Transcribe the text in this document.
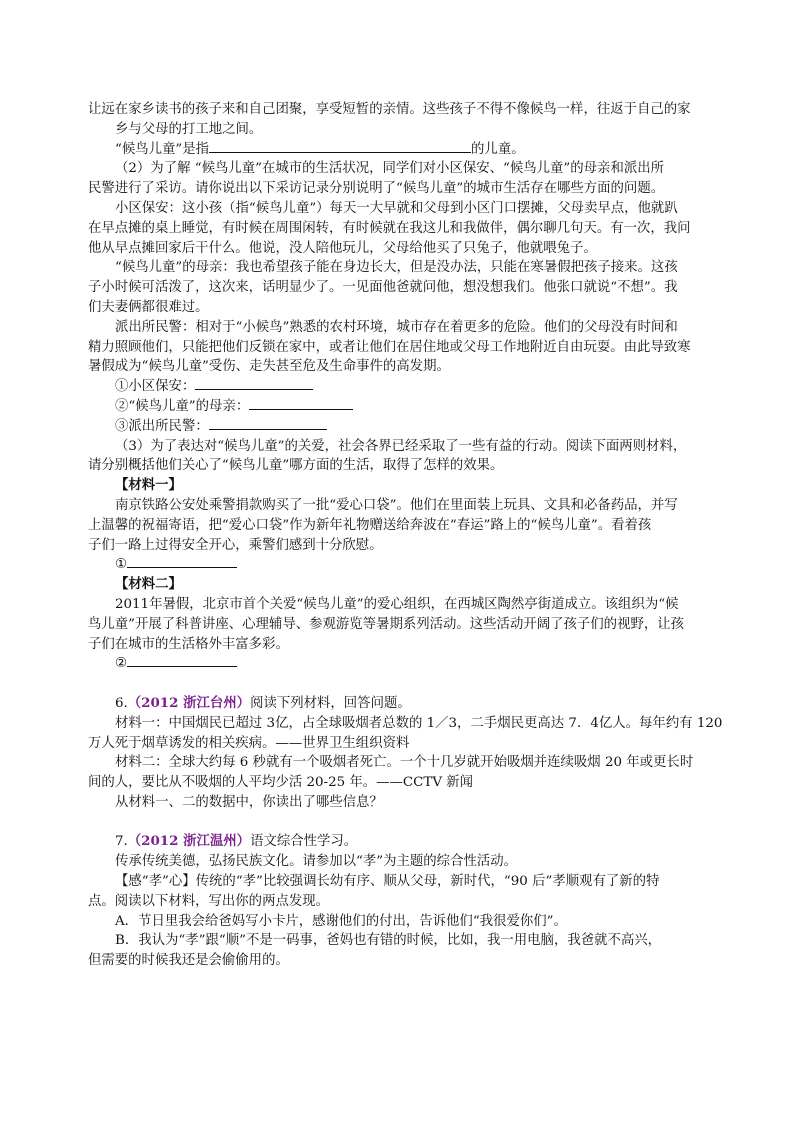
让远在家乡读书的孩子来和自己团聚，享受短暂的亲情。这些孩子不得不像候鸟一样，往返于自己的家
乡与父母的打工地之间。
“候鸟儿童”是指	的儿童。
（2）为了解 “候鸟儿童”在城市的生活状况，同学们对小区保安、“候鸟儿童”的母亲和派出所
民警进行了采访。请你说出以下采访记录分别说明了“候鸟儿童”的城市生活存在哪些方面的问题。
小区保安：这小孩（指“候鸟儿童”）每天一大早就和父母到小区门口摆摊，父母卖早点，他就趴
在早点摊的桌上睡觉，有时候在周围闲转，有时候就在我这儿和我做伴，偶尔聊几句天。有一次，我问
他从早点摊回家后干什么。他说，没人陪他玩儿，父母给他买了只兔子，他就喂兔子。
“候鸟儿童”的母亲：我也希望孩子能在身边长大，但是没办法，只能在寒暑假把孩子接来。这孩
子小时候可活泼了，这次来，话明显少了。一见面他爸就问他，想没想我们。他张口就说“不想”。我
们夫妻俩都很难过。
派出所民警：相对于“小候鸟”熟悉的农村环境，城市存在着更多的危险。他们的父母没有时间和
精力照顾他们，只能把他们反锁在家中，或者让他们在居住地或父母工作地附近自由玩耍。由此导致寒
暑假成为“候鸟儿童”受伤、走失甚至危及生命事件的高发期。
①小区保安：
②“候鸟儿童”的母亲：
③派出所民警：
（3）为了表达对“候鸟儿童”的关爱，社会各界已经采取了一些有益的行动。阅读下面两则材料，
请分别概括他们关心了“候鸟儿童”哪方面的生活，取得了怎样的效果。
【材料一】
南京铁路公安处乘警捐款购买了一批“爱心口袋”。他们在里面装上玩具、文具和必备药品，并写
上温馨的祝福寄语，把“爱心口袋”作为新年礼物赠送给奔波在“春运”路上的“候鸟儿童”。看着孩
子们一路上过得安全开心，乘警们感到十分欣慰。
①
【材料二】
2011年暑假，北京市首个关爱“候鸟儿童”的爱心组织，在西城区陶然亭街道成立。该组织为“候
鸟儿童”开展了科普讲座、心理辅导、参观游览等暑期系列活动。这些活动开阔了孩子们的视野，让孩
子们在城市的生活格外丰富多彩。
②
6.（2012 浙江台州）阅读下列材料，回答问题。
材料一：中国烟民已超过 3亿，占全球吸烟者总数的 1／3，二手烟民更高达 7．4亿人。每年约有 120
万人死于烟草诱发的相关疾病。——世界卫生组织资料
材料二：全球大约每 6 秒就有一个吸烟者死亡。一个十几岁就开始吸烟并连续吸烟 20 年或更长时
间的人，要比从不吸烟的人平均少活 20-25 年。——CCTV 新闻
从材料一、二的数据中，你读出了哪些信息？
7.（2012 浙江温州）语文综合性学习。
传承传统美德，弘扬民族文化。请参加以“孝”为主题的综合性活动。
【感“孝”心】传统的“孝”比较强调长幼有序、顺从父母，新时代，“90 后”孝顺观有了新的特
点。阅读以下材料，写出你的两点发现。
A．节日里我会给爸妈写小卡片，感谢他们的付出，告诉他们“我很爱你们”。
B．我认为“孝”跟“顺”不是一码事，爸妈也有错的时候，比如，我一用电脑，我爸就不高兴，
但需要的时候我还是会偷偷用的。
